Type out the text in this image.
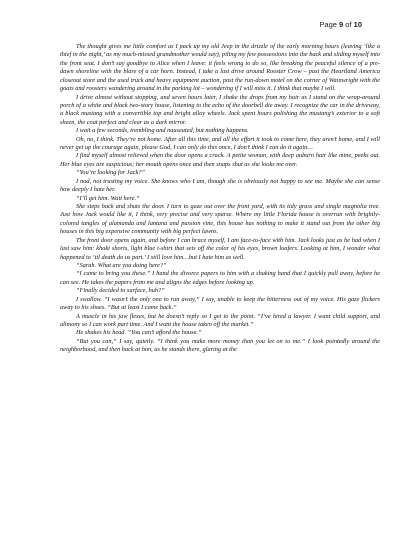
Page 9 of 10

The thought gives me little comfort as I pack up my old Jeep in the drizzle of the early morning hours (leaving ‘like a thief in the night,’ as my much-missed grandmother would say), piling my few possessions into the back and sliding myself into the front seat. I don’t say goodbye to Alice when I leave: it feels wrong to do so, like breaking the peaceful silence of a pre-dawn shoreline with the blare of a car horn. Instead, I take a last drive around Rooster Crow – past the Heartland America closeout store and the used truck and heavy equipment auction, past the run-down motel on the corner of Wainwright with the goats and roosters wandering around in the parking lot – wondering if I will miss it. I think that maybe I will.

I drive almost without stopping, and seven hours later, I shake the drops from my hair as I stand on the wrap-around porch of a white and black two-story house, listening to the echo of the doorbell die away. I recognize the car in the driveway, a black mustang with a convertible top and bright alloy wheels. Jack spent hours polishing the mustang’s exterior to a soft sheen, the coat perfect and clear as a dark mirror.

I wait a few seconds, trembling and nauseated, but nothing happens.

Oh, no, I think. They’re not home. After all this time, and all the effort it took to come here, they aren’t home, and I will never get up the courage again, please God, I can only do this once, I don’t think I can do it again…

I find myself almost relieved when the door opens a crack. A petite woman, with deep auburn hair like mine, peeks out. Her blue eyes are suspicious; her mouth opens once and then snaps shut as she looks me over.

“You’re looking for Jack?”

I nod, not trusting my voice. She knows who I am, though she is obviously not happy to see me. Maybe she can sense how deeply I hate her.

“I’ll get him. Wait here.”

She steps back and shuts the door. I turn to gaze out over the front yard, with its tidy grass and single magnolia tree. Just how Jack would like it, I think, very precise and very sparse. Where my little Florida house is overrun with brightly-colored tangles of alamanda and lantana and passion vine, this house has nothing to make it stand out from the other big houses in this big expensive community with big perfect lawns.

The front door opens again, and before I can brace myself, I am face-to-face with him. Jack looks just as he had when I last saw him: khaki shorts, light blue t-shirt that sets off the color of his eyes, brown loafers. Looking at him, I wonder what happened to ‘til death do us part.’ I still love him…but I hate him as well.

“Sarah. What are you doing here?”

“I came to bring you these.” I hand the divorce papers to him with a shaking hand that I quickly pull away, before he can see. He takes the papers from me and aligns the edges before looking up.

“Finally decided to surface, huh?”

I swallow. “I wasn’t the only one to run away,” I say, unable to keep the bitterness out of my voice. His gaze flickers away to his shoes. “But at least I came back.”

A muscle in his jaw flexes, but he doesn’t reply so I get to the point. “I’ve hired a lawyer. I want child support, and alimony so I can work part time. And I want the house taken off the market.”

He shakes his head. “You can’t afford the house.”

“But you can,” I say, quietly. “I think you make more money than you let on to me.” I look pointedly around the neighborhood, and then back at him, as he stands there, glaring at the
